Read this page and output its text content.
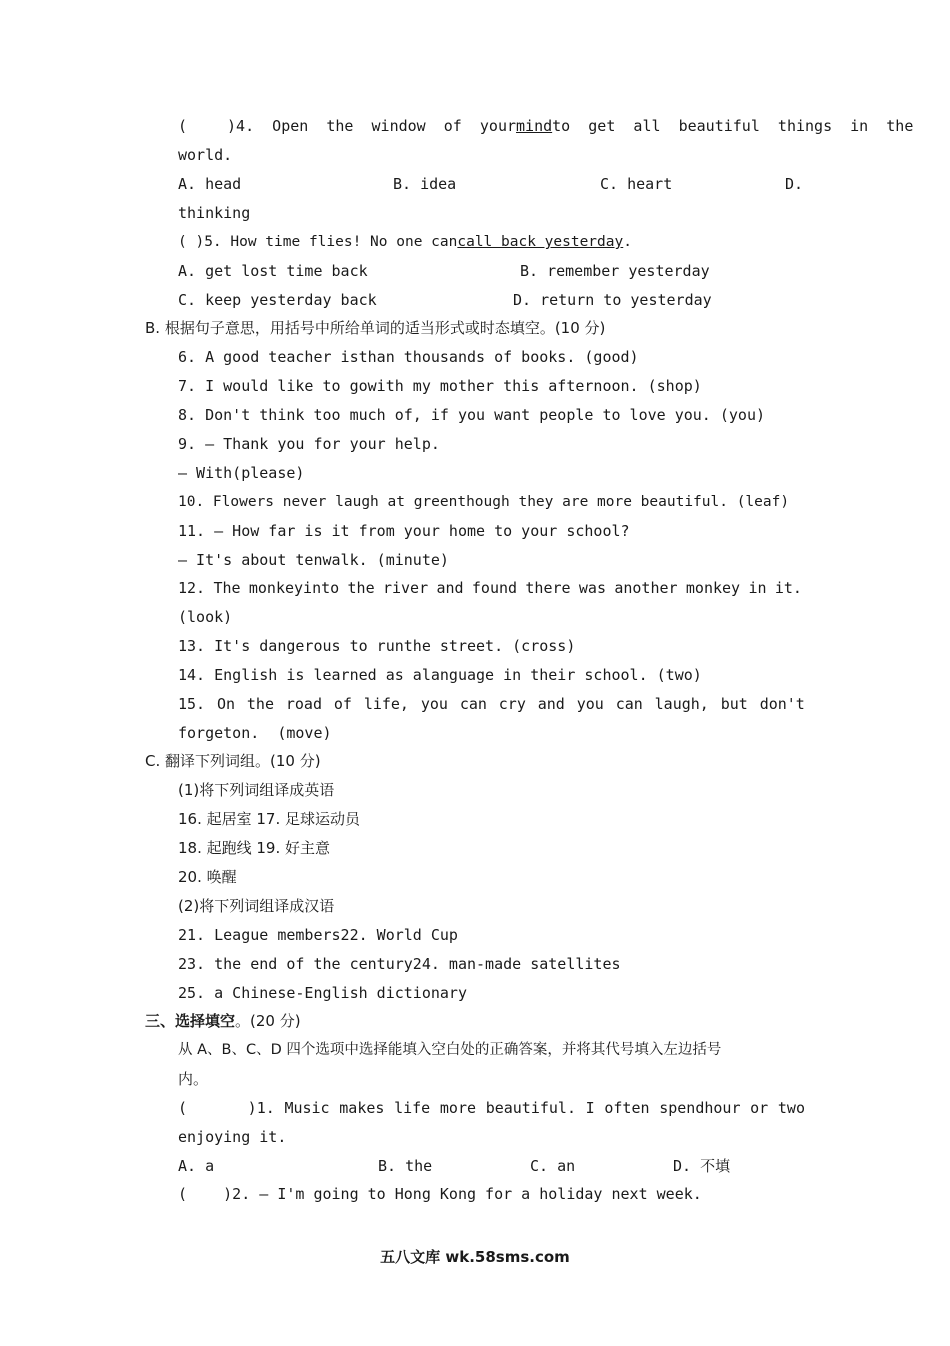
(	)4.  Open  the  window  of  yourmindto  get  all  beautiful  things  in  the
world.
A. head	B. idea	C. heart	D.
thinking
( )5. How time flies! No one cancall back yesterday.
A. get lost time back	B. remember yesterday
C. keep yesterday back	D. return to yesterday
B. 根据句子意思，用括号中所给单词的适当形式或时态填空。(10 分)
6. A good teacher isthan thousands of books. (good)
7. I would like to gowith my mother this afternoon. (shop)
8. Don't think too much of, if you want people to love you. (you)
9. — Thank you for your help.
— With(please)
10. Flowers never laugh at greenthough they are more beautiful. (leaf)
11. — How far is it from your home to your school?
— It's about tenwalk. (minute)
12. The monkeyinto the river and found there was another monkey in it.
(look)
13. It's dangerous to runthe street. (cross)
14. English is learned as alanguage in their school. (two)
15. On the road of life, you can cry and you can laugh, but don't
forgeton.  (move)
C. 翻译下列词组。(10 分)
(1)将下列词组译成英语
16. 起居室 17. 足球运动员
18. 起跑线 19. 好主意
20. 唤醒
(2)将下列词组译成汉语
21. League members22. World Cup
23. the end of the century24. man-made satellites
25. a Chinese-English dictionary
三、选择填空。(20 分)
从 A、B、C、D 四个选项中选择能填入空白处的正确答案，并将其代号填入左边括号
内。
(	)1. Music makes life more beautiful. I often spendhour or two
enjoying it.
A. a	B. the	C. an	D. 不填
(    )2. — I'm going to Hong Kong for a holiday next week.
五八文库 wk.58sms.com
